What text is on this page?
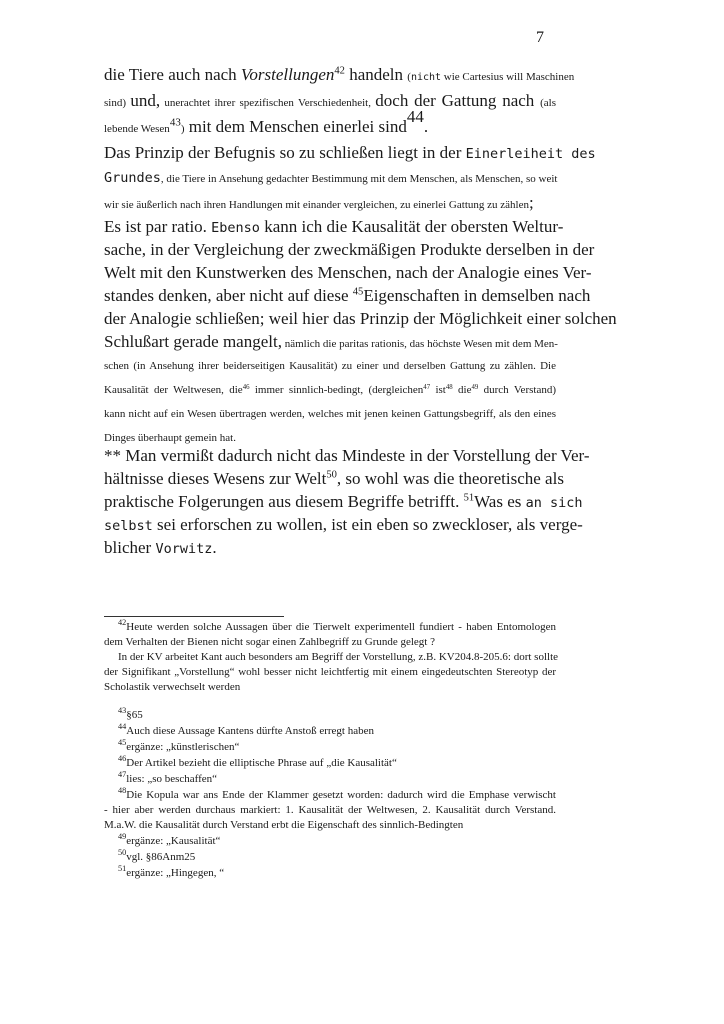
7
die Tiere auch nach Vorstellungen$^{42}$ handeln (nicht wie Cartesius will Maschinen
sind) und, unerachtet ihrer spezifischen Verschiedenheit, doch der Gattung nach (als
lebende Wesen$^{43}$) mit dem Menschen einerlei sind$^{44}$.
Das Prinzip der Befugnis so zu schließen liegt in der Einerleiheit des
Grundes, die Tiere in Ansehung gedachter Bestimmung mit dem Menschen, als Menschen, so weit
wir sie äußerlich nach ihren Handlungen mit einander vergleichen, zu einerlei Gattung zu zählen;
Es ist par ratio. Ebenso kann ich die Kausalität der obersten Weltur-
sache, in der Vergleichung der zweckmäßigen Produkte derselben in der
Welt mit den Kunstwerken des Menschen, nach der Analogie eines Ver-
standes denken, aber nicht auf diese $^{45}$Eigenschaften in demselben nach
der Analogie schließen; weil hier das Prinzip der Möglichkeit einer solchen
Schlußart gerade mangelt, nämlich die paritas rationis, das höchste Wesen mit dem Men-
schen (in Ansehung ihrer beiderseitigen Kausalität) zu einer und derselben Gattung zu zählen. Die
Kausalität der Weltwesen, die$^{46}$ immer sinnlich-bedingt, (dergleichen$^{47}$ ist$^{48}$ die$^{49}$ durch Verstand)
kann nicht auf ein Wesen übertragen werden, welches mit jenen keinen Gattungsbegriff, als den eines
Dinges überhaupt gemein hat.
** Man vermißt dadurch nicht das Mindeste in der Vorstellung der Ver-
hältnisse dieses Wesens zur Welt$^{50}$, so wohl was die theoretische als
praktische Folgerungen aus diesem Begriffe betrifft. $^{51}$Was es an sich
selbst sei erforschen zu wollen, ist ein eben so zweckloser, als verge-
blicher Vorwitz.
$^{42}$Heute werden solche Aussagen über die Tierwelt experimentell fundiert - haben Entomologen
dem Verhalten der Bienen nicht sogar einen Zahlbegriff zu Grunde gelegt ?
In der KV arbeitet Kant auch besonders am Begriff der Vorstellung, z.B. KV204.8-205.6: dort sollte
der Signifikant „Vorstellung“ wohl besser nicht leichtfertig mit einem eingedeutschten Stereotyp der
Scholastik verwechselt werden
$^{43}$§65
$^{44}$Auch diese Aussage Kantens dürfte Anstoß erregt haben
$^{45}$ergänze: „künstlerischen“
$^{46}$Der Artikel bezieht die elliptische Phrase auf „die Kausalität“
$^{47}$lies: „so beschaffen“
$^{48}$Die Kopula war ans Ende der Klammer gesetzt worden: dadurch wird die Emphase verwischt
- hier aber werden durchaus markiert: 1. Kausalität der Weltwesen, 2. Kausalität durch Verstand.
M.a.W. die Kausalität durch Verstand erbt die Eigenschaft des sinnlich-Bedingten
$^{49}$ergänze: „Kausalität“
$^{50}$vgl. §86Anm25
$^{51}$ergänze: „Hingegen, “
